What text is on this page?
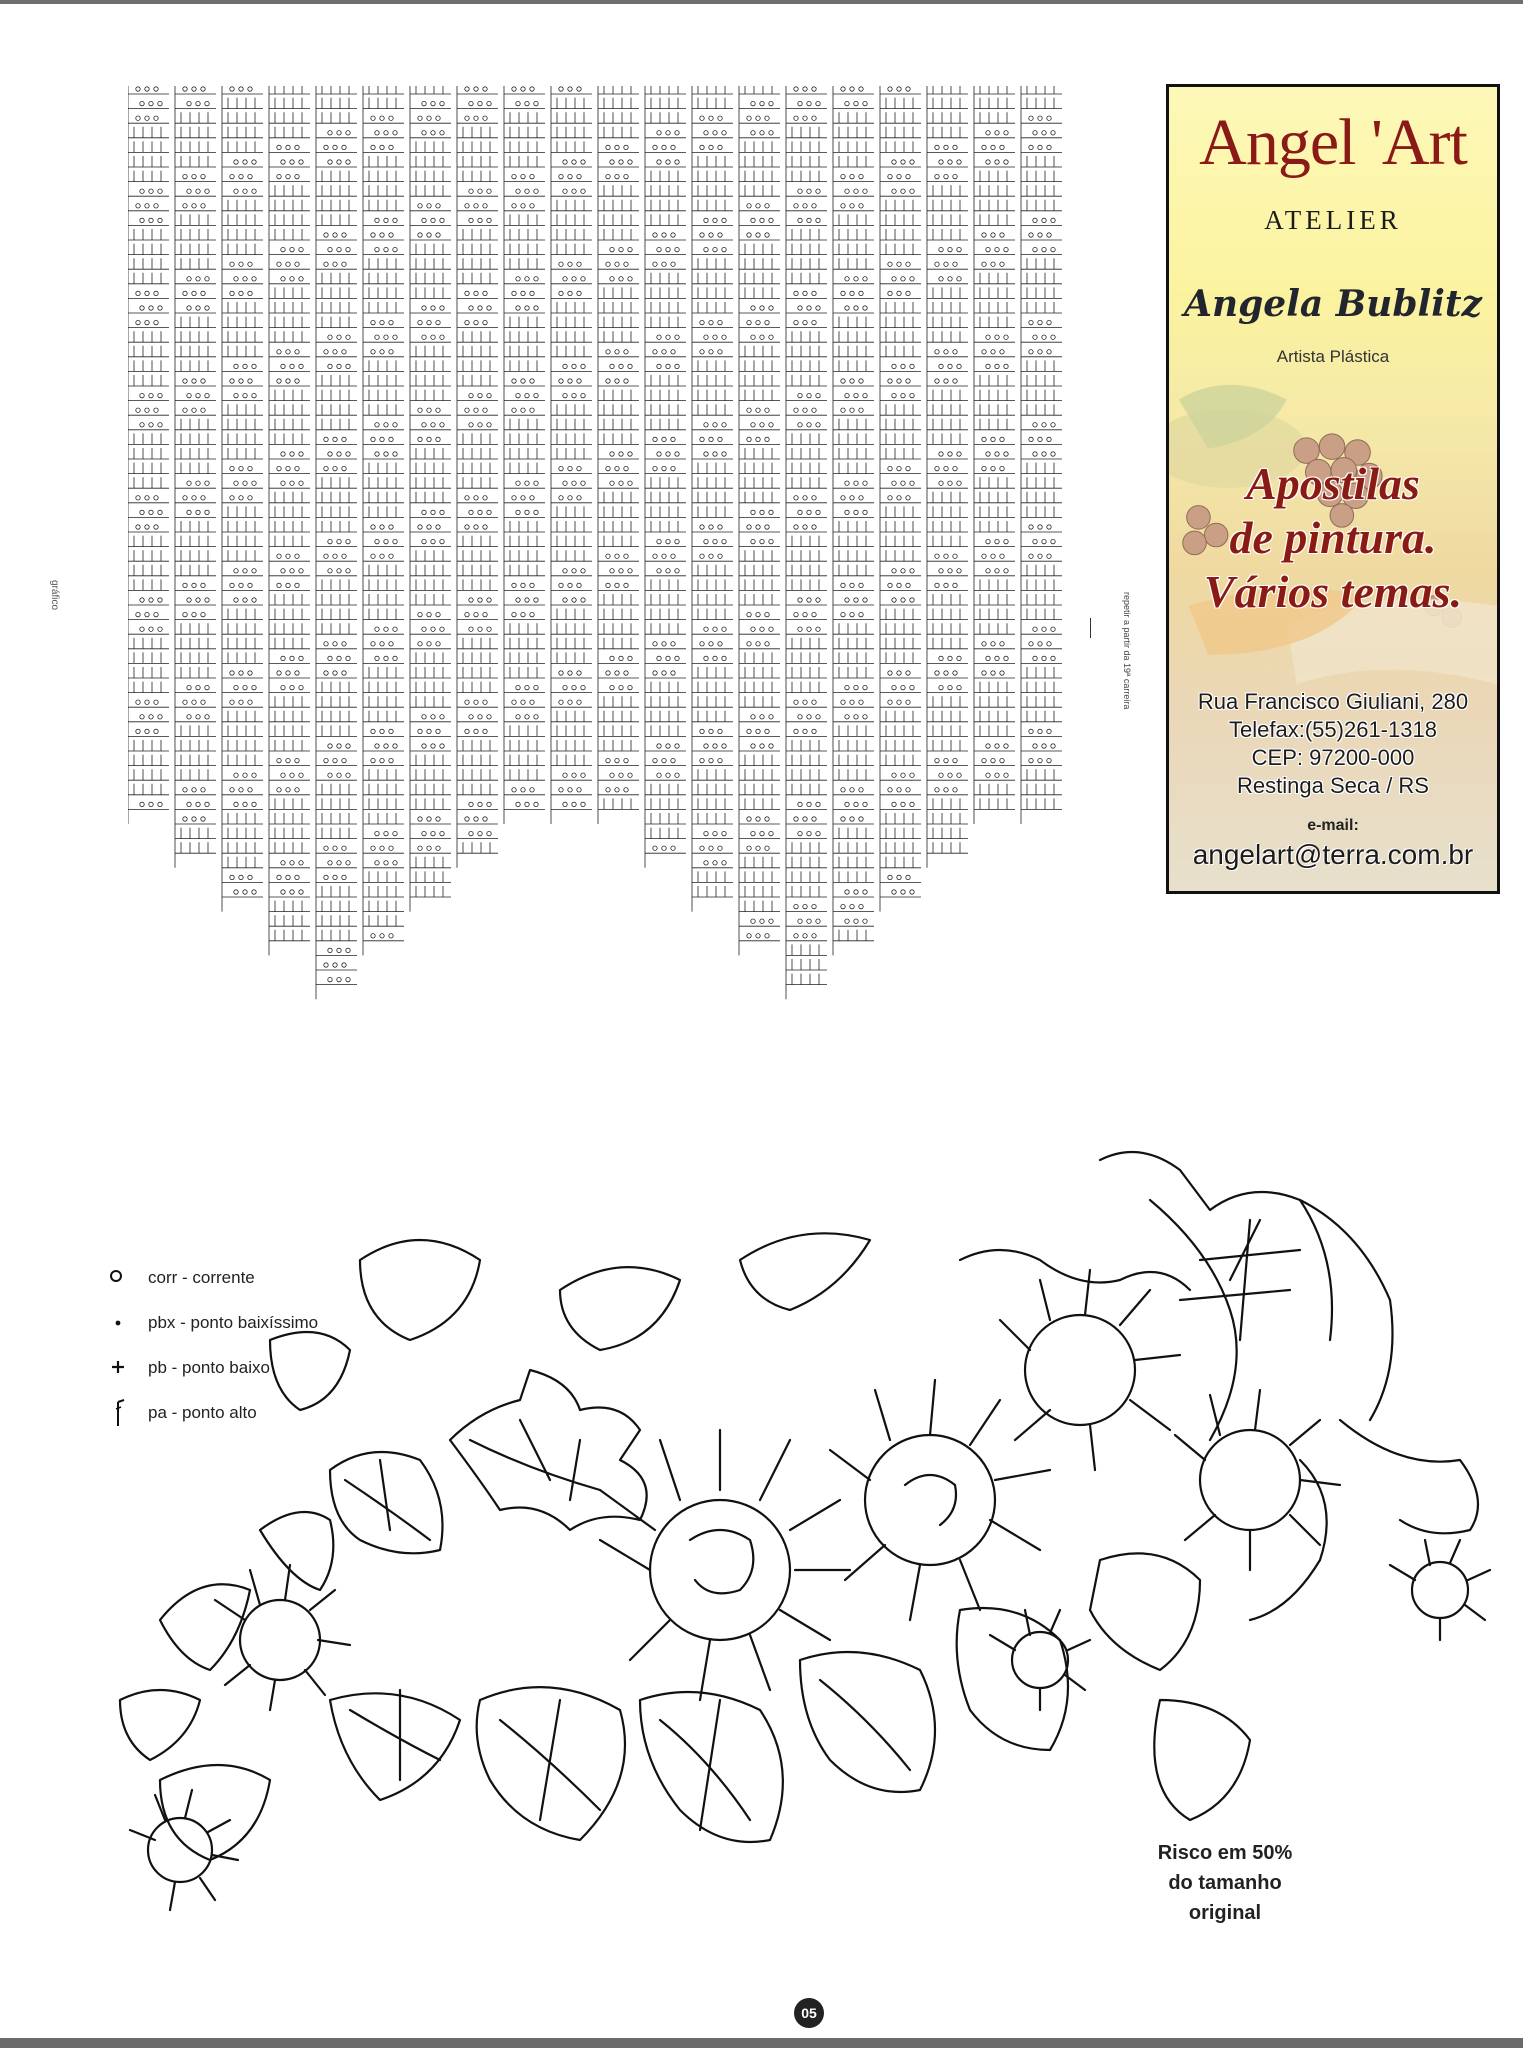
gráfico	repetir a partir da 19ª carreira
corr - corrente
pbx - ponto baixíssimo
pb - ponto baixo
pa - ponto alto
Angel 'Art
ATELIER
Angela Bublitz
Artista Plástica
Apostilas
de pintura.
Vários temas.
Rua Francisco Giuliani, 280
Telefax:(55)261-1318
CEP: 97200-000
Restinga Seca / RS
e-mail:
angelart@terra.com.br
Risco em 50%
do tamanho
original
05
